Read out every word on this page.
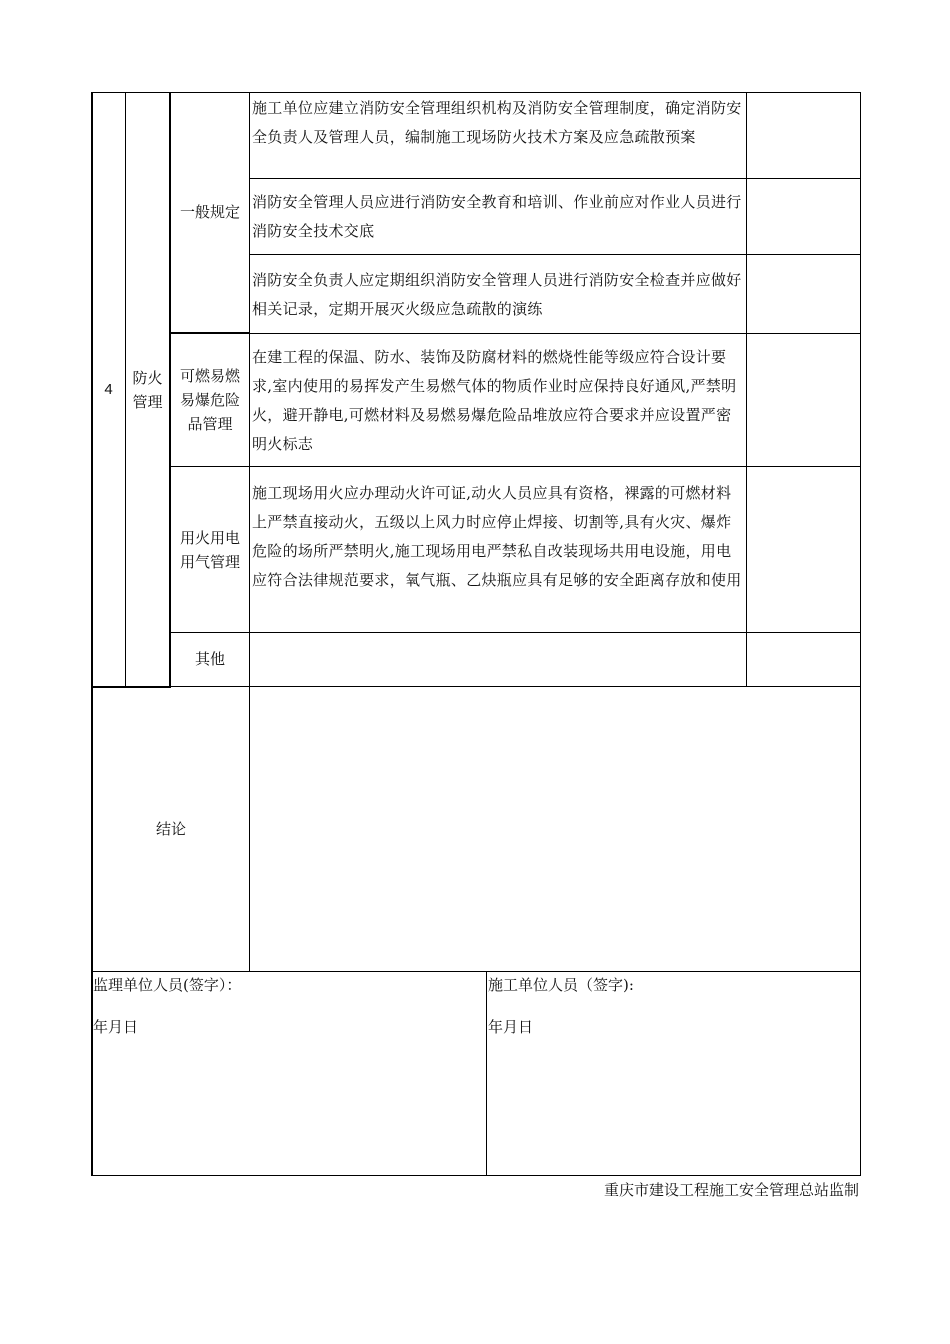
4
防火
管理
一般规定
可燃易燃易爆危险品管理
用火用电用气管理
其他
施工单位应建立消防安全管理组织机构及消防安全管理制度，确定消防安全负责人及管理人员，编制施工现场防火技术方案及应急疏散预案
消防安全管理人员应进行消防安全教育和培训、作业前应对作业人员进行消防安全技术交底
消防安全负责人应定期组织消防安全管理人员进行消防安全检查并应做好相关记录，定期开展灭火级应急疏散的演练
在建工程的保温、防水、装饰及防腐材料的燃烧性能等级应符合设计要求,室内使用的易挥发产生易燃气体的物质作业时应保持良好通风,严禁明火，避开静电,可燃材料及易燃易爆危险品堆放应符合要求并应设置严密明火标志
施工现场用火应办理动火许可证,动火人员应具有资格，裸露的可燃材料上严禁直接动火，五级以上风力时应停止焊接、切割等,具有火灾、爆炸危险的场所严禁明火,施工现场用电严禁私自改装现场共用电设施，用电应符合法律规范要求，氧气瓶、乙炔瓶应具有足够的安全距离存放和使用
结论
监理单位人员(签字）：
年月日
施工单位人员（签字):
年月日
重庆市建设工程施工安全管理总站监制
